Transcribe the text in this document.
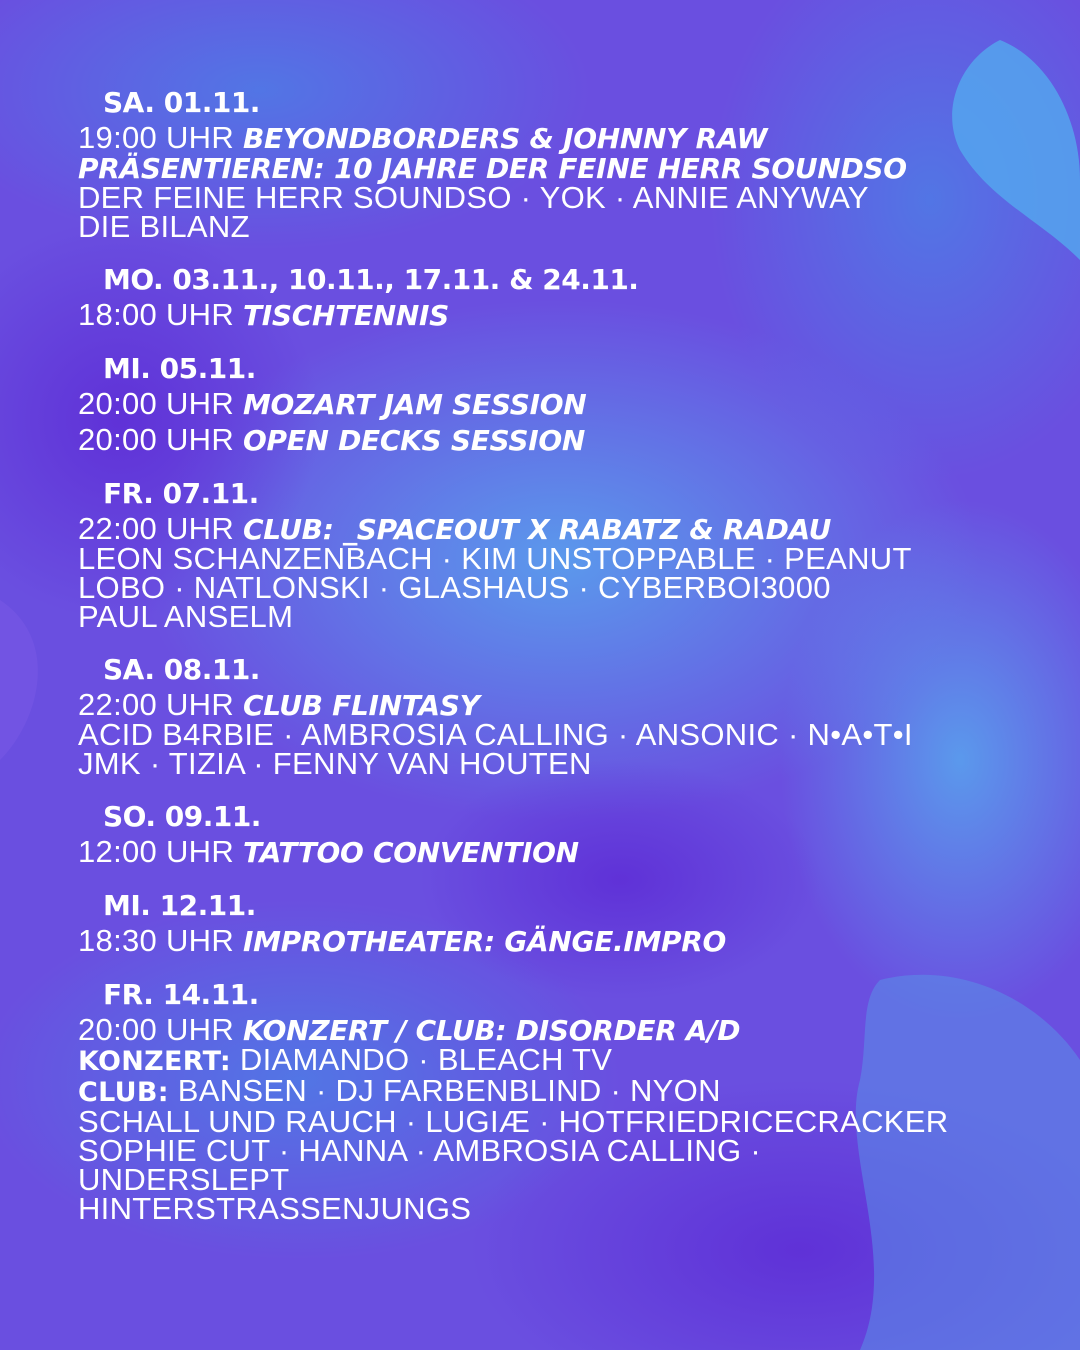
SA. 01.11.
19:00 UHR BEYONDBORDERS & JOHNNY RAW
PRÄSENTIEREN: 10 JAHRE DER FEINE HERR SOUNDSO
DER FEINE HERR SOUNDSO · YOK · ANNIE ANYWAY
DIE BILANZ
MO. 03.11., 10.11., 17.11. & 24.11.
18:00 UHR TISCHTENNIS
MI. 05.11.
20:00 UHR MOZART JAM SESSION
20:00 UHR OPEN DECKS SESSION
FR. 07.11.
22:00 UHR CLUB: _SPACEOUT X RABATZ & RADAU
LEON SCHANZENBACH · KIM UNSTOPPABLE · PEANUT
LOBO · NATLONSKI · GLASHAUS · CYBERBOI3000
PAUL ANSELM
SA. 08.11.
22:00 UHR CLUB FLINTASY
ACID B4RBIE · AMBROSIA CALLING · ANSONIC · N•A•T•I
JMK · TIZIA · FENNY VAN HOUTEN
SO. 09.11.
12:00 UHR TATTOO CONVENTION
MI. 12.11.
18:30 UHR IMPROTHEATER: GÄNGE.IMPRO
FR. 14.11.
20:00 UHR KONZERT / CLUB: DISORDER A/D
KONZERT: DIAMANDO · BLEACH TV
CLUB: BANSEN · DJ FARBENBLIND · NYON
SCHALL UND RAUCH · LUGIÆ · HOTFRIEDRICECRACKER
SOPHIE CUT · HANNA · AMBROSIA CALLING ·
UNDERSLEPT
HINTERSTRASSENJUNGS
